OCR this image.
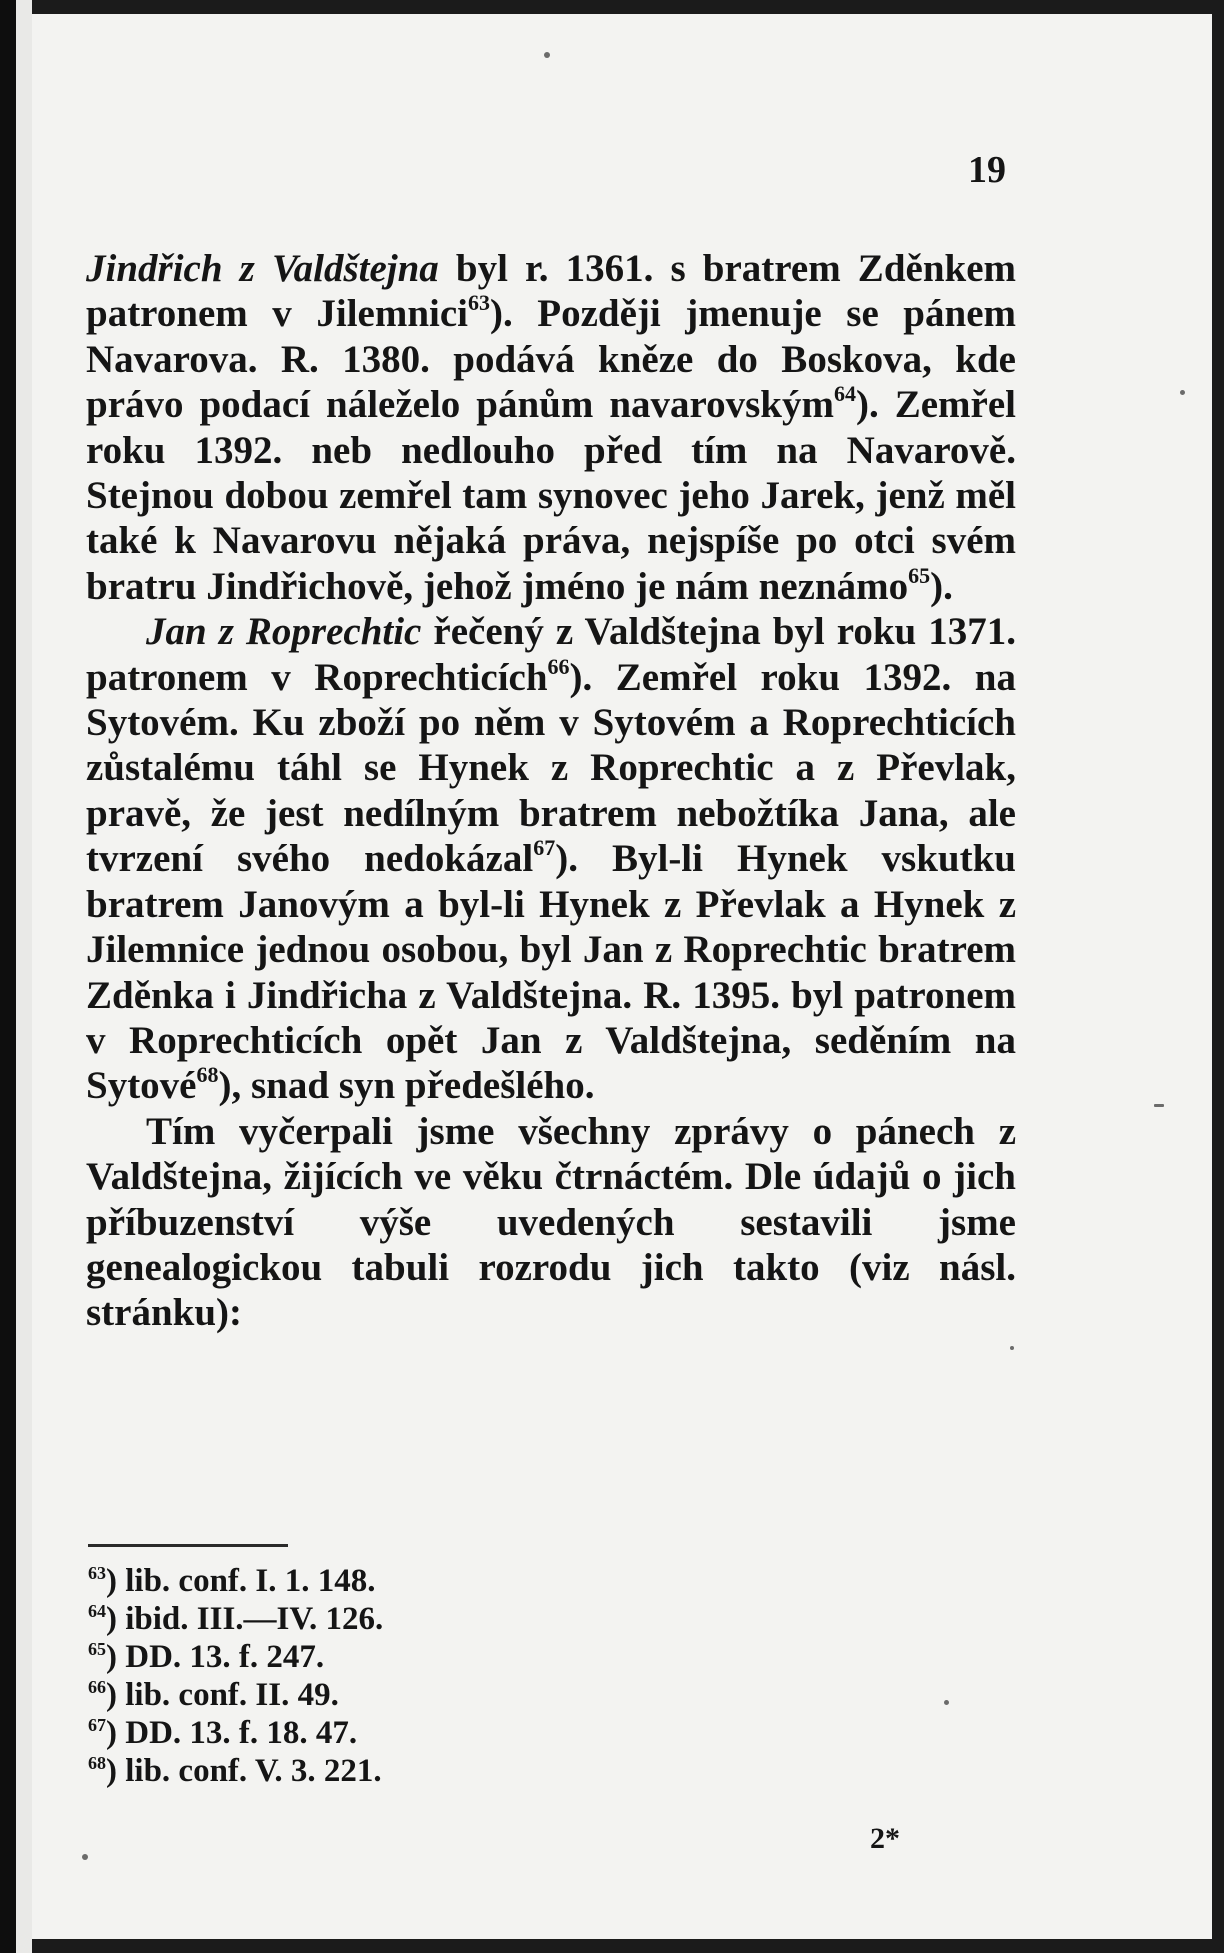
19

Jindřich z Valdštejna byl r. 1361. s bratrem Zděnkem patronem v Jilemnici$^{63}$). Později jmenuje se pánem Navarova. R. 1380. podává kněze do Boskova, kde právo podací náleželo pánům navarovským$^{64}$). Zemřel roku 1392. neb nedlouho před tím na Navarově. Stejnou dobou zemřel tam synovec jeho Jarek, jenž měl také k Navarovu nějaká práva, nejspíše po otci svém bratru Jindřichově, jehož jméno je nám neznámo$^{65}$).

Jan z Roprechtic řečený z Valdštejna byl roku 1371. patronem v Roprechticích$^{66}$). Zemřel roku 1392. na Sytovém. Ku zboží po něm v Sytovém a Roprechticích zůstalému táhl se Hynek z Roprechtic a z Převlak, pravě, že jest nedílným bratrem nebožtíka Jana, ale tvrzení svého nedokázal$^{67}$). Byl-li Hynek vskutku bratrem Janovým a byl-li Hynek z Převlak a Hynek z Jilemnice jednou osobou, byl Jan z Roprechtic bratrem Zděnka i Jindřicha z Valdštejna. R. 1395. byl patronem v Roprechticích opět Jan z Valdštejna, seděním na Sytové$^{68}$), snad syn předešlého.

Tím vyčerpali jsme všechny zprávy o pánech z Valdštejna, žijících ve věku čtrnáctém. Dle údajů o jich příbuzenství výše uvedených sestavili jsme genealogickou tabuli rozrodu jich takto (viz násl. stránku):

$^{63}$) lib. conf. I. 1. 148.
$^{64}$) ibid. III.—IV. 126.
$^{65}$) DD. 13. f. 247.
$^{66}$) lib. conf. II. 49.
$^{67}$) DD. 13. f. 18. 47.
$^{68}$) lib. conf. V. 3. 221.
2*
